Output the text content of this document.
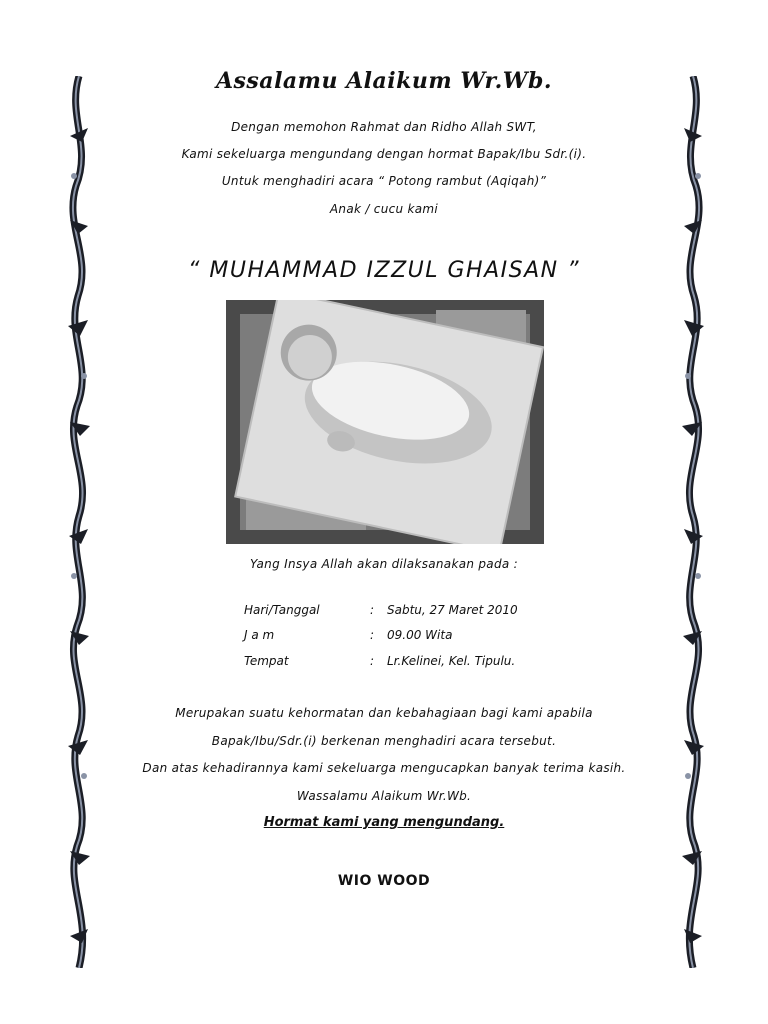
Assalamu Alaikum Wr.Wb.
Dengan memohon Rahmat dan Ridho Allah SWT,
Kami sekeluarga mengundang dengan hormat Bapak/Ibu Sdr.(i).
Untuk menghadiri acara “ Potong rambut (Aqiqah)”
Anak / cucu kami
“ MUHAMMAD IZZUL GHAISAN ”
Yang Insya Allah akan dilaksanakan pada :
Hari/Tanggal	: Sabtu, 27 Maret 2010
J a m	: 09.00 Wita
Tempat	: Lr.Kelinei, Kel. Tipulu.
Merupakan suatu kehormatan dan kebahagiaan bagi kami apabila
Bapak/Ibu/Sdr.(i) berkenan menghadiri acara tersebut.
Dan atas kehadirannya kami sekeluarga mengucapkan banyak terima kasih.
Wassalamu Alaikum Wr.Wb.
Hormat kami yang mengundang.
WIO WOOD
